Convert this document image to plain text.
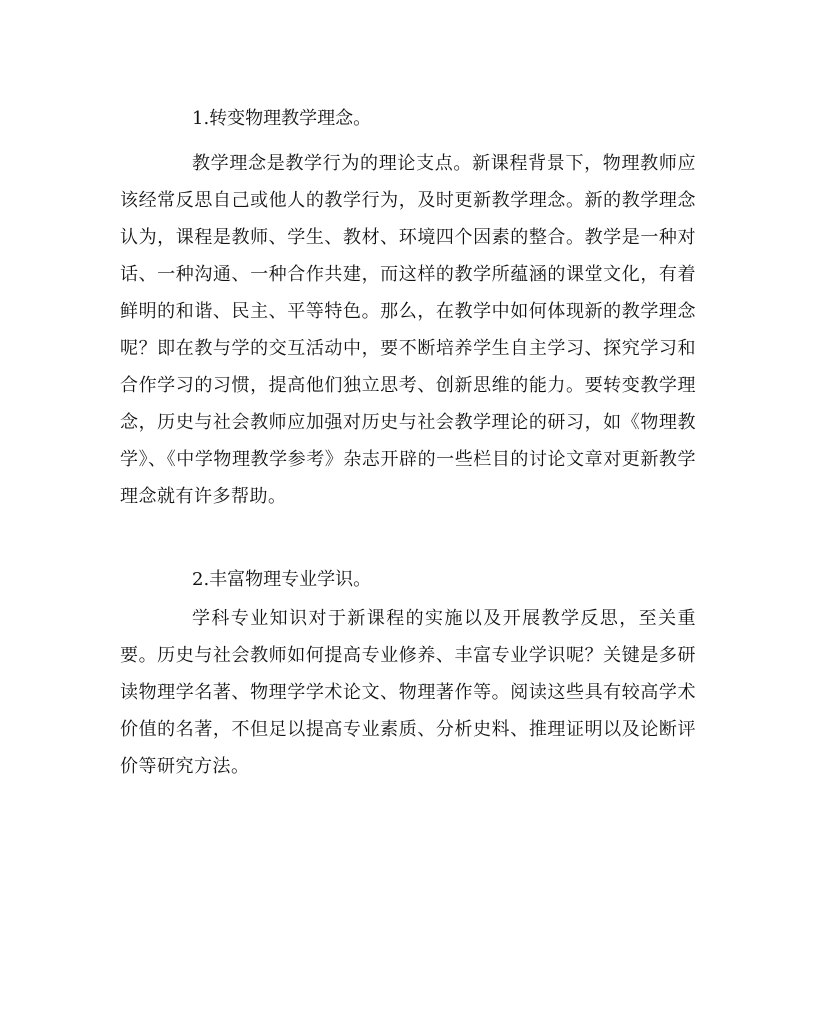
1.转变物理教学理念。
教学理念是教学行为的理论支点。新课程背景下，物理教师应该经常反思自己或他人的教学行为，及时更新教学理念。新的教学理念认为，课程是教师、学生、教材、环境四个因素的整合。教学是一种对话、一种沟通、一种合作共建，而这样的教学所蕴涵的课堂文化，有着鲜明的和谐、民主、平等特色。那么，在教学中如何体现新的教学理念呢？即在教与学的交互活动中，要不断培养学生自主学习、探究学习和合作学习的习惯，提高他们独立思考、创新思维的能力。要转变教学理念，历史与社会教师应加强对历史与社会教学理论的研习，如《物理教学》、《中学物理教学参考》杂志开辟的一些栏目的讨论文章对更新教学理念就有许多帮助。
2.丰富物理专业学识。
学科专业知识对于新课程的实施以及开展教学反思，至关重要。历史与社会教师如何提高专业修养、丰富专业学识呢？关键是多研读物理学名著、物理学学术论文、物理著作等。阅读这些具有较高学术价值的名著，不但足以提高专业素质、分析史料、推理证明以及论断评价等研究方法。
